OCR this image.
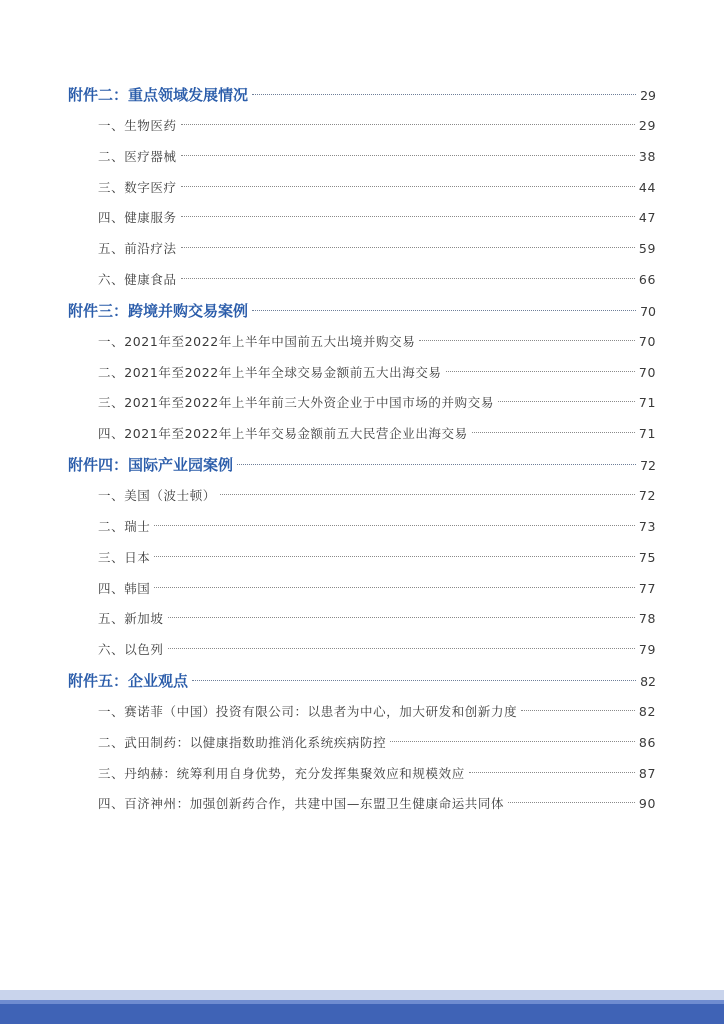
附件二：重点领域发展情况	29
一、生物医药	29
二、医疗器械	38
三、数字医疗	44
四、健康服务	47
五、前沿疗法	59
六、健康食品	66
附件三：跨境并购交易案例	70
一、2021年至2022年上半年中国前五大出境并购交易	70
二、2021年至2022年上半年全球交易金额前五大出海交易	70
三、2021年至2022年上半年前三大外资企业于中国市场的并购交易	71
四、2021年至2022年上半年交易金额前五大民营企业出海交易	71
附件四：国际产业园案例	72
一、美国（波士顿）	72
二、瑞士	73
三、日本	75
四、韩国	77
五、新加坡	78
六、以色列	79
附件五：企业观点	82
一、赛诺菲（中国）投资有限公司：以患者为中心，加大研发和创新力度	82
二、武田制药：以健康指数助推消化系统疾病防控	86
三、丹纳赫：统筹利用自身优势，充分发挥集聚效应和规模效应	87
四、百济神州：加强创新药合作，共建中国—东盟卫生健康命运共同体	90
